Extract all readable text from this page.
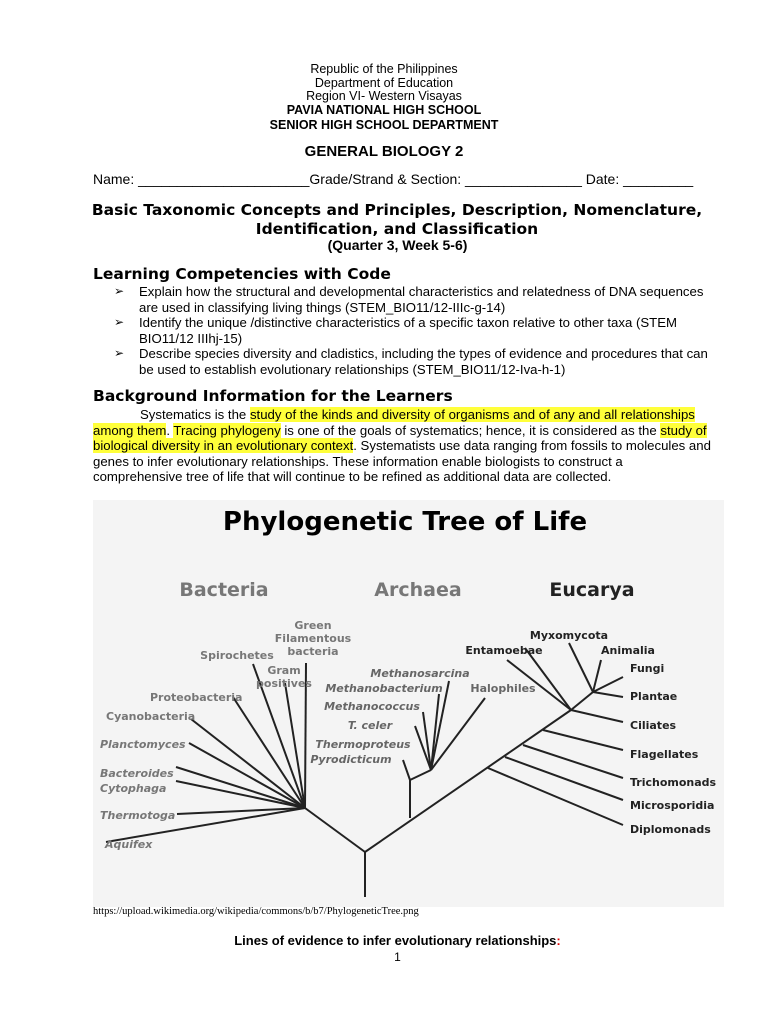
Republic of the Philippines
Department of Education
Region VI- Western Visayas
PAVIA NATIONAL HIGH SCHOOL
SENIOR HIGH SCHOOL DEPARTMENT
GENERAL BIOLOGY 2
Name: ______________________Grade/Strand & Section: _______________ Date: _________
Basic Taxonomic Concepts and Principles, Description, Nomenclature, Identification, and Classification
(Quarter 3, Week 5-6)
Learning Competencies with Code
➢ Explain how the structural and developmental characteristics and relatedness of DNA sequences are used in classifying living things (STEM_BIO11/12-IIIc-g-14)
➢ Identify the unique /distinctive characteristics of a specific taxon relative to other taxa (STEM BIO11/12 IIIhj-15)
➢ Describe species diversity and cladistics, including the types of evidence and procedures that can be used to establish evolutionary relationships (STEM_BIO11/12-Iva-h-1)
Background Information for the Learners
Systematics is the study of the kinds and diversity of organisms and of any and all relationships among them. Tracing phylogeny is one of the goals of systematics; hence, it is considered as the study of biological diversity in an evolutionary context. Systematists use data ranging from fossils to molecules and genes to infer evolutionary relationships. These information enable biologists to construct a comprehensive tree of life that will continue to be refined as additional data are collected.
Phylogenetic Tree of Life
Bacteria	Archaea	Eucarya
Green
Filamentous
bacteria
Spirochetes
Gram
positives
Proteobacteria
Cyanobacteria
Planctomyces
Bacteroides
Cytophaga
Thermotoga
Aquifex
Methanosarcina
Methanobacterium	Halophiles
Methanococcus
T. celer
Thermoproteus
Pyrodicticum
Myxomycota
Entamoebae	Animalia
Fungi
Plantae
Ciliates
Flagellates
Trichomonads
Microsporidia
Diplomonads
https://upload.wikimedia.org/wikipedia/commons/b/b7/PhylogeneticTree.png
Lines of evidence to infer evolutionary relationships:
1
